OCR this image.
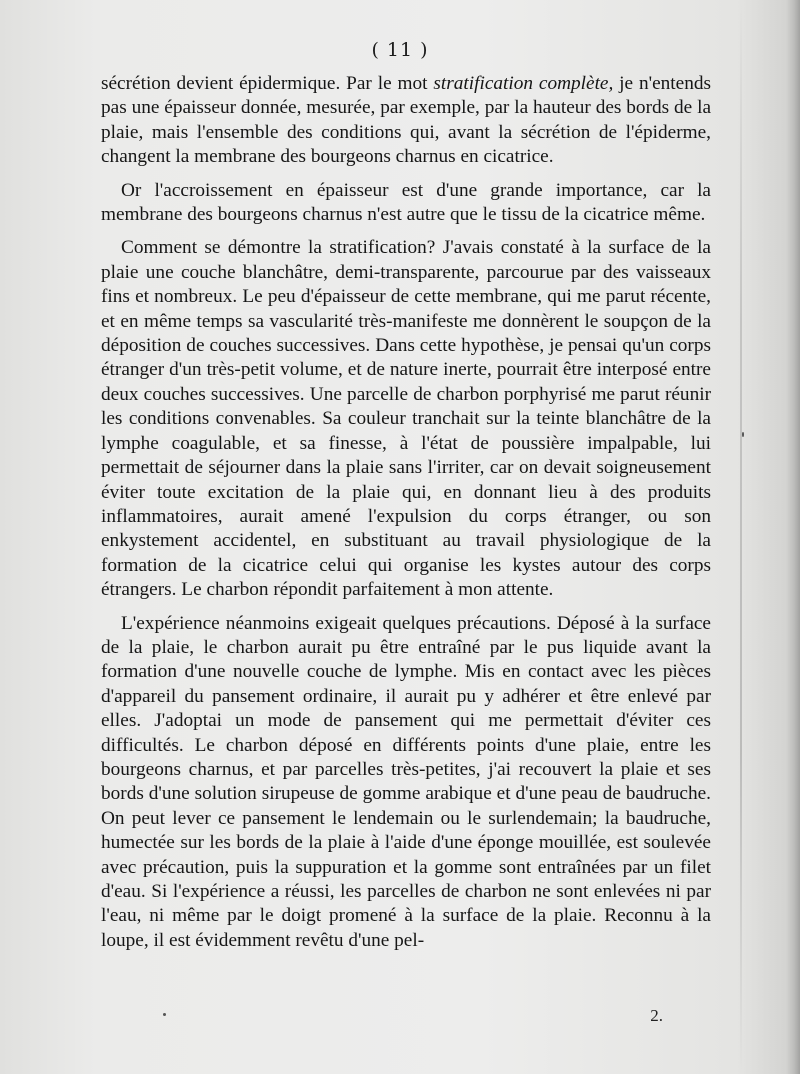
( 11 )

sécrétion devient épidermique. Par le mot stratification complète, je n'entends pas une épaisseur donnée, mesurée, par exemple, par la hauteur des bords de la plaie, mais l'ensemble des conditions qui, avant la sécrétion de l'épiderme, changent la membrane des bourgeons charnus en cicatrice.

Or l'accroissement en épaisseur est d'une grande importance, car la membrane des bourgeons charnus n'est autre que le tissu de la cicatrice même.

Comment se démontre la stratification? J'avais constaté à la surface de la plaie une couche blanchâtre, demi-transparente, parcourue par des vaisseaux fins et nombreux. Le peu d'épaisseur de cette membrane, qui me parut récente, et en même temps sa vascularité très-manifeste me donnèrent le soupçon de la déposition de couches successives. Dans cette hypothèse, je pensai qu'un corps étranger d'un très-petit volume, et de nature inerte, pourrait être interposé entre deux couches successives. Une parcelle de charbon porphyrisé me parut réunir les conditions convenables. Sa couleur tranchait sur la teinte blanchâtre de la lymphe coagulable, et sa finesse, à l'état de poussière impalpable, lui permettait de séjourner dans la plaie sans l'irriter, car on devait soigneusement éviter toute excitation de la plaie qui, en donnant lieu à des produits inflammatoires, aurait amené l'expulsion du corps étranger, ou son enkystement accidentel, en substituant au travail physiologique de la formation de la cicatrice celui qui organise les kystes autour des corps étrangers. Le charbon répondit parfaitement à mon attente.

L'expérience néanmoins exigeait quelques précautions. Déposé à la surface de la plaie, le charbon aurait pu être entraîné par le pus liquide avant la formation d'une nouvelle couche de lymphe. Mis en contact avec les pièces d'appareil du pansement ordinaire, il aurait pu y adhérer et être enlevé par elles. J'adoptai un mode de pansement qui me permettait d'éviter ces difficultés. Le charbon déposé en différents points d'une plaie, entre les bourgeons charnus, et par parcelles très-petites, j'ai recouvert la plaie et ses bords d'une solution sirupeuse de gomme arabique et d'une peau de baudruche. On peut lever ce pansement le lendemain ou le surlendemain; la baudruche, humectée sur les bords de la plaie à l'aide d'une éponge mouillée, est soulevée avec précaution, puis la suppuration et la gomme sont entraînées par un filet d'eau. Si l'expérience a réussi, les parcelles de charbon ne sont enlevées ni par l'eau, ni même par le doigt promené à la surface de la plaie. Reconnu à la loupe, il est évidemment revêtu d'une pel-

2.
